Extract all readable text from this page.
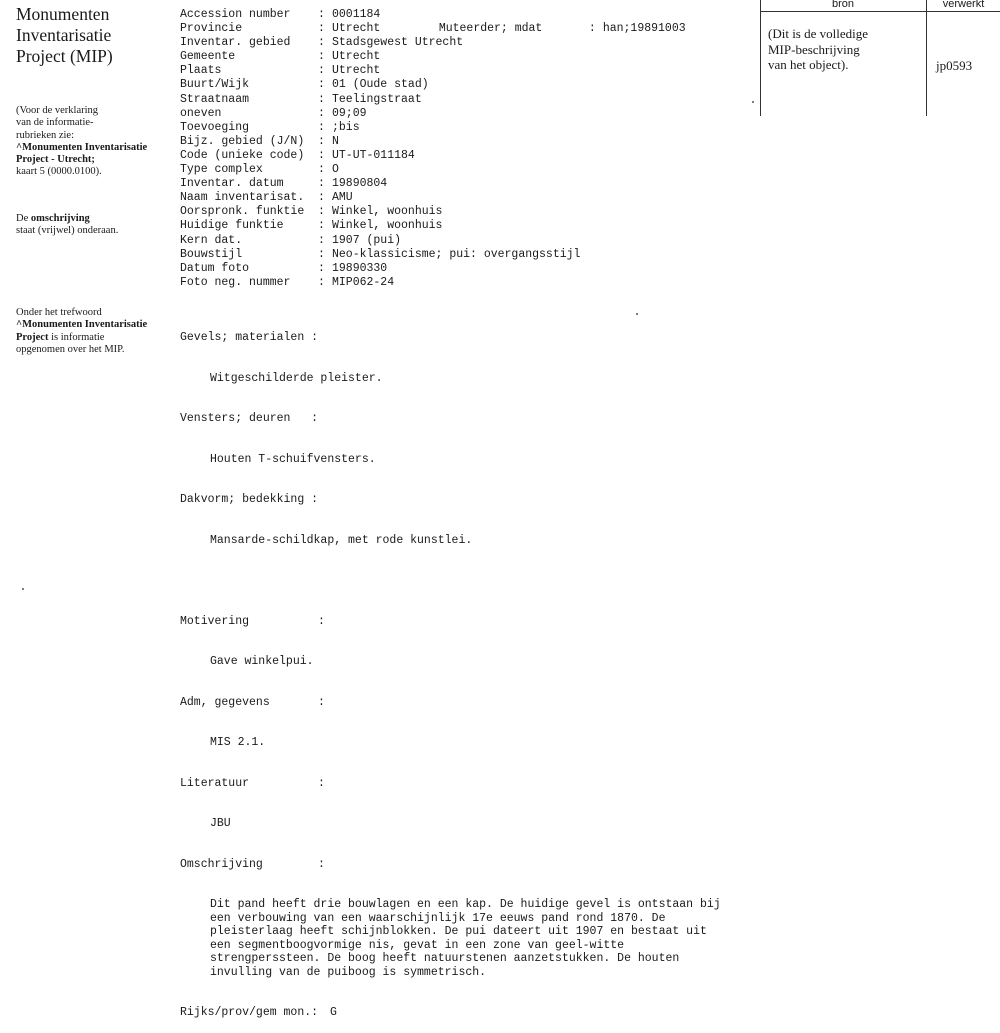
Monumenten
Inventarisatie
Project (MIP)
(Voor de verklaring
van de informatie-
rubrieken zie:
^Monumenten Inventarisatie
Project - Utrecht;
kaart 5 (0000.0100).
De omschrijving
staat (vrijwel) onderaan.
Onder het trefwoord
^Monumenten Inventarisatie
Project is informatie
opgenomen over het MIP.
Accession number : 0001184
Provincie	: Utrecht
Inventar. gebied : Stadsgewest Utrecht
Gemeente	: Utrecht
Plaats	: Utrecht
Buurt/Wijk	: 01 (Oude stad)
Straatnaam	: Teelingstraat
oneven	: 09;09
Toevoeging	: ;bis
Bijz. gebied (J/N) : N
Code (unieke code) : UT-UT-011184
Type complex	: O
Inventar. datum	: 19890804
Naam inventarisat. : AMU
Oorspronk. funktie : Winkel, woonhuis
Huidige funktie	: Winkel, woonhuis
Kern dat.	: 1907 (pui)
Bouwstijl	: Neo-klassicisme; pui: overgangsstijl
Datum foto	: 19890330
Foto neg. nummer : MIP062-24

Muteerder; mdat	: han;19891003

Gevels; materialen :

Witgeschilderde pleister.

Vensters; deuren   :

Houten T-schuifvensters.

Dakvorm; bedekking :

Mansarde-schildkap, met rode kunstlei.

Motivering	:

Gave winkelpui.

Adm, gegevens	:

MIS 2.1.

Literatuur	:

JBU

Omschrijving	:

Dit pand heeft drie bouwlagen en een kap. De huidige gevel is ontstaan bij
een verbouwing van een waarschijnlijk 17e eeuws pand rond 1870. De
pleisterlaag heeft schijnblokken. De pui dateert uit 1907 en bestaat uit
een segmentboogvormige nis, gevat in een zone van geel-witte
strengperssteen. De boog heeft natuurstenen aanzetstukken. De houten
invulling van de puiboog is symmetrisch.

Rijks/prov/gem mon.: G

bron	verwerkt
(Dit is de volledige
MIP-beschrijving
van het object).	jp0593
